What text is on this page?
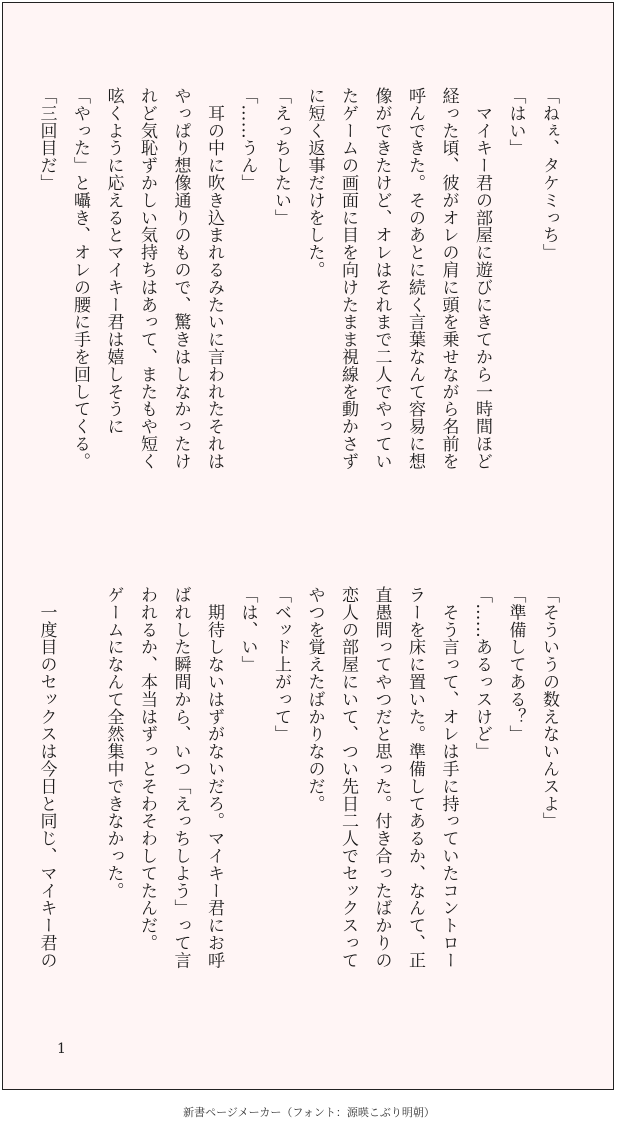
「ねぇ、タケミっち」
「はい」
　マイキー君の部屋に遊びにきてから一時間ほど
経った頃、彼がオレの肩に頭を乗せながら名前を
呼んできた。そのあとに続く言葉なんて容易に想
像ができたけど、オレはそれまで二人でやってい
たゲームの画面に目を向けたまま視線を動かさず
に短く返事だけをした。
「えっちしたい」
「……うん」
　耳の中に吹き込まれるみたいに言われたそれは
やっぱり想像通りのもので、驚きはしなかったけ
れど気恥ずかしい気持ちはあって、またもや短く
呟くように応えるとマイキー君は嬉しそうに
「やった」と囁き、オレの腰に手を回してくる。
「三回目だ」
「そういうの数えないんスよ」
「準備してある？」
「……あるっスけど」
　そう言って、オレは手に持っていたコントロー
ラーを床に置いた。準備してあるか、なんて、正
直愚問ってやつだと思った。付き合ったばかりの
恋人の部屋にいて、つい先日二人でセックスって
やつを覚えたばかりなのだ。
「ベッド上がって」
「は、い」
　期待しないはずがないだろ。マイキー君にお呼
ばれした瞬間から、いつ「えっちしよう」って言
われるか、本当はずっとそわそわしてたんだ。
ゲームになんて全然集中できなかった。

　一度目のセックスは今日と同じ、マイキー君の
1
新書ページメーカー（フォント：源暎こぶり明朝）
